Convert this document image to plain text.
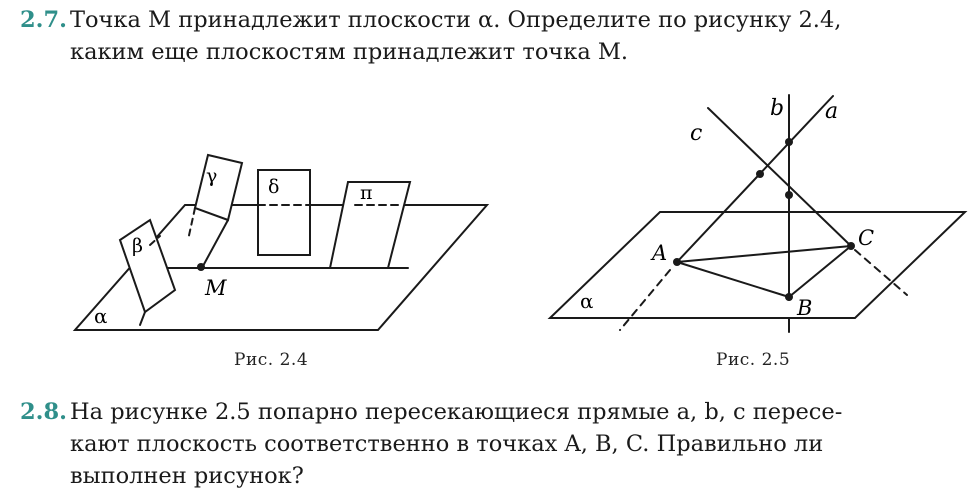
2.7. Точка M принадлежит плоскости α. Определите по рисунку 2.4,
каким еще плоскостям принадлежит точка M.
α
β
γ	δ	π
M
α
a
b
c
A
B
C
Рис. 2.4	Рис. 2.5
2.8. На рисунке 2.5 попарно пересекающиеся прямые a, b, c пересе-
кают плоскость соответственно в точках A, B, C. Правильно ли
выполнен рисунок?
